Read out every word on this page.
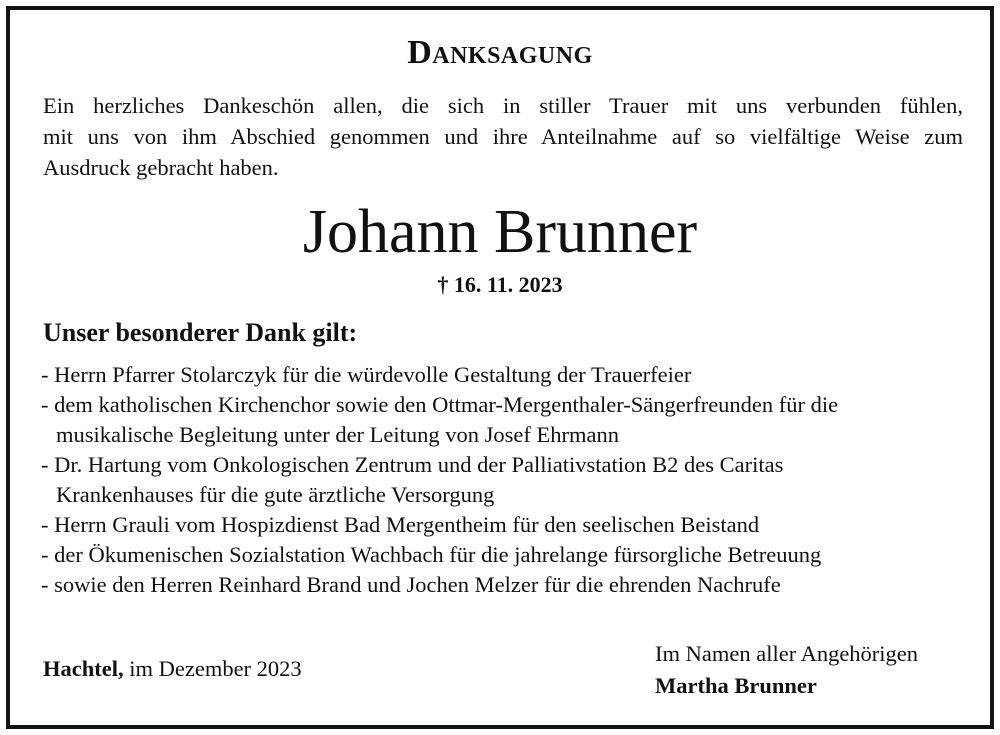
Danksagung
Ein herzliches Dankeschön allen, die sich in stiller Trauer mit uns verbunden fühlen,
mit uns von ihm Abschied genommen und ihre Anteilnahme auf so vielfältige Weise zum
Ausdruck gebracht haben.
Johann Brunner
† 16. 11. 2023
Unser besonderer Dank gilt:
- Herrn Pfarrer Stolarczyk für die würdevolle Gestaltung der Trauerfeier
- dem katholischen Kirchenchor sowie den Ottmar-Mergenthaler-Sängerfreunden für die
musikalische Begleitung unter der Leitung von Josef Ehrmann
- Dr. Hartung vom Onkologischen Zentrum und der Palliativstation B2 des Caritas
Krankenhauses für die gute ärztliche Versorgung
- Herrn Grauli vom Hospizdienst Bad Mergentheim für den seelischen Beistand
- der Ökumenischen Sozialstation Wachbach für die jahrelange fürsorgliche Betreuung
- sowie den Herren Reinhard Brand und Jochen Melzer für die ehrenden Nachrufe
Hachtel, im Dezember 2023
Im Namen aller Angehörigen
Martha Brunner
